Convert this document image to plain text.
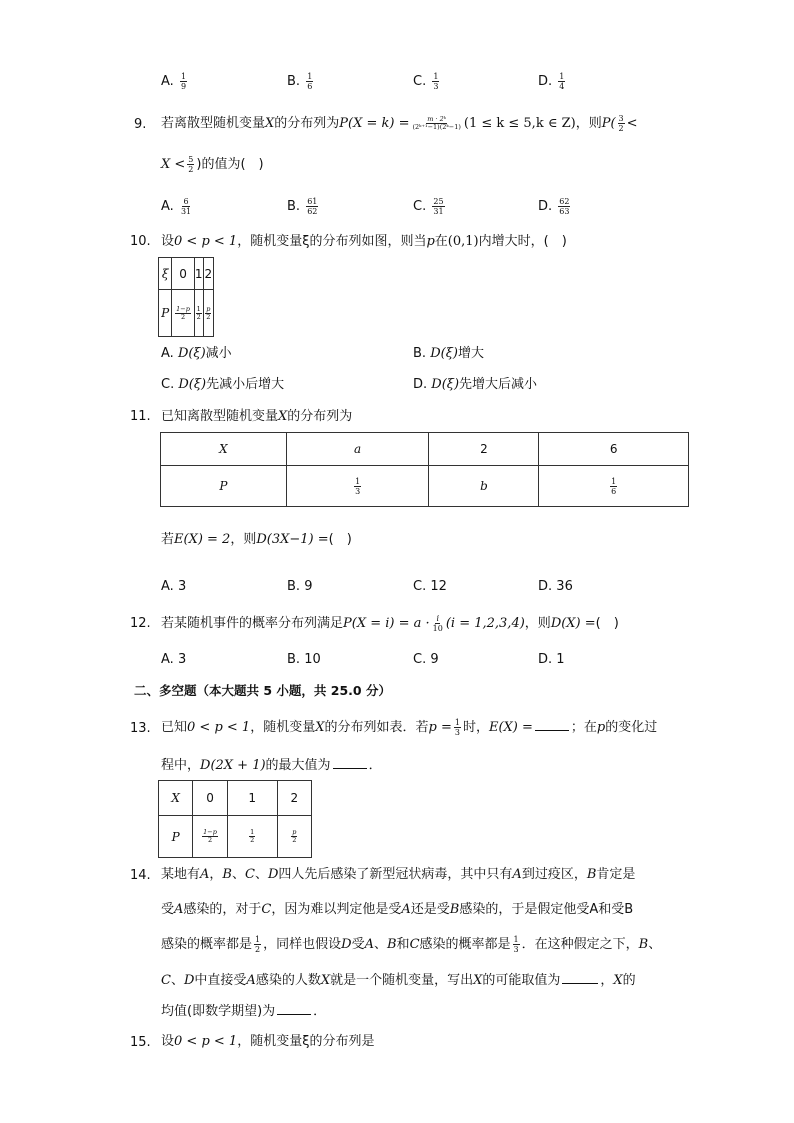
A. $\frac{1}{9}$	B. $\frac{1}{6}$	C. $\frac{1}{3}$	D. $\frac{1}{4}$
9. 若离散型随机变量X的分布列为$P(X = k) = \frac{\text{m · 2ᵏ}}{\text{(2ᵏ⁺¹−1)(2ᵏ−1)}} (1 \le k \le 5,k$ ∈ Z)，则$P( \frac{3}{2}$ <
$X < \frac{5}{2}$ )的值为(　)
A. $\frac{6}{31}$	B. $\frac{61}{62}$	C. $\frac{25}{31}$	D. $\frac{62}{63}$
10. 设0 < p < 1，随机变量ξ的分布列如图，则当p在(0,1)内增大时，(　)
ξ	0	1	2
P	$\frac{1-p}{2}$	$\frac{1}{2}$	$\frac{p}{2}$
A. D(ξ)减小	B. D(ξ)增大
C. D(ξ)先减小后增大	D. D(ξ)先增大后减小
11. 已知离散型随机变量X的分布列为
X	a	2	6
P	$\frac{1}{3}$	b	$\frac{1}{6}$
若E(X) = 2，则D(3X−1) =(　)
A. 3	B. 9	C. 12	D. 36
12. 若某随机事件的概率分布列满足$P(X = i) = a \cdot \frac{i}{10} (i = 1,2,3,4)$，则D(X) =(　)
A. 3	B. 10	C. 9	D. 1
二、多空题（本大题共 5 小题，共 25.0 分）
13. 已知0 < p < 1，随机变量X的分布列如表．若$p = \frac{1}{3}$ 时，E(X) =	；在p的变化过
程中，D(2X + 1)的最大值为	．
X	0	1	2
P	$\frac{1-p}{2}$	$\frac{1}{2}$	$\frac{p}{2}$
14. 某地有A，B、C、D四人先后感染了新型冠状病毒，其中只有A到过疫区，B肯定是
受A感染的，对于C，因为难以判定他是受A还是受B感染的，于是假定他受A和受B
感染的概率都是 $\frac{1}{2}$ ，同样也假设D受A、B和C感染的概率都是 $\frac{1}{3}$ ．在这种假定之下，B、
C、D中直接受A感染的人数X就是一个随机变量，写出X的可能取值为	，X的
均值(即数学期望)为	．
15. 设0 < p < 1，随机变量ξ的分布列是
